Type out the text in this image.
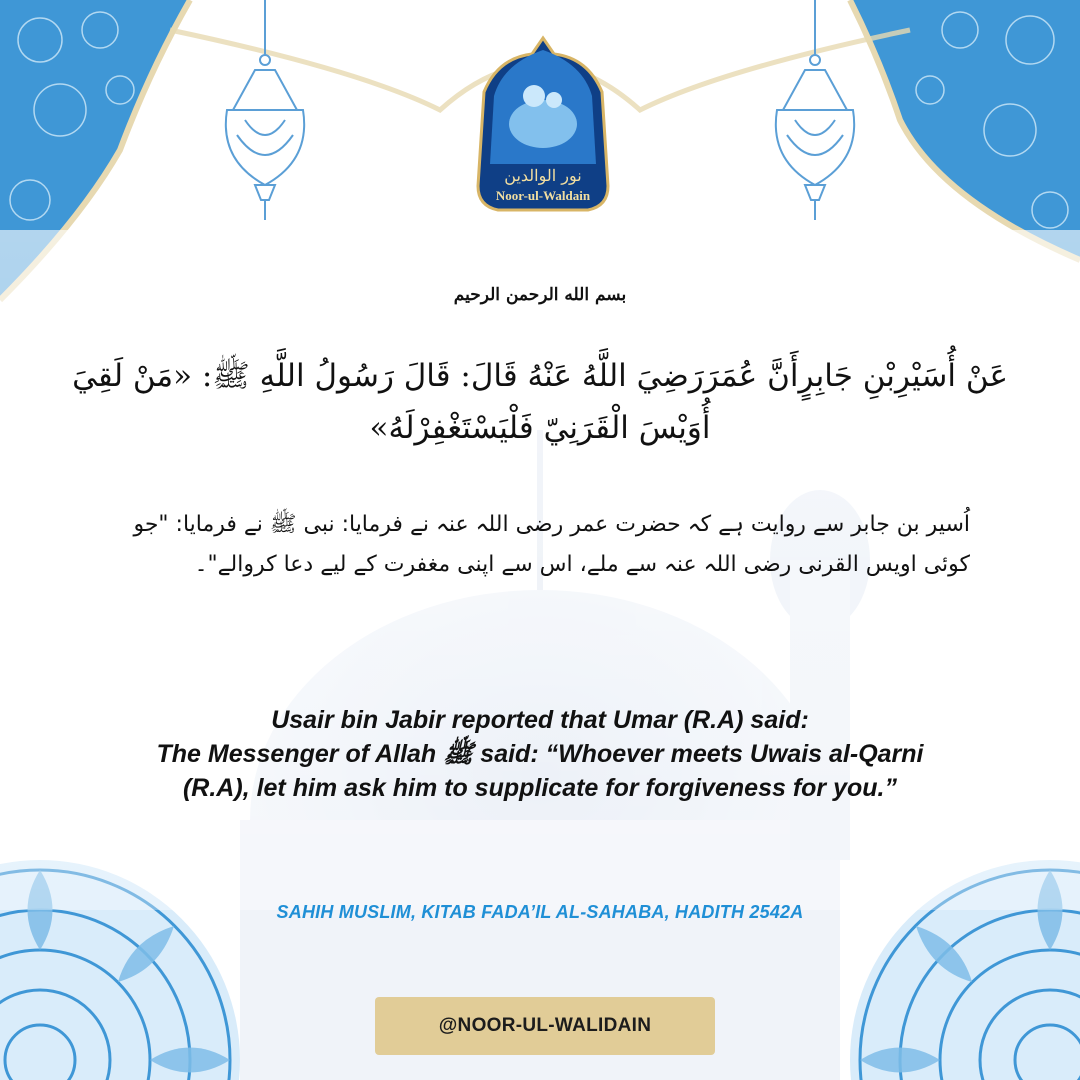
نور الوالدين
Noor-ul-Waldain
بسم الله الرحمن الرحيم
عَنْ أُسَيْرِبْنِ جَابِرٍأَنَّ عُمَرَرَضِيَ اللَّهُ عَنْهُ قَالَ: قَالَ رَسُولُ اللَّهِ ﷺ: «مَنْ لَقِيَ أُوَيْسَ الْقَرَنِيّ فَلْيَسْتَغْفِرْلَهُ»
اُسیر بن جابر سے روایت ہے کہ حضرت عمر رضی اللہ عنہ نے فرمایا: نبی ﷺ نے فرمایا: "جو کوئی اویس القرنی رضی اللہ عنہ سے ملے، اس سے اپنی مغفرت کے لیے دعا کروالے"۔
Usair bin Jabir reported that Umar (R.A) said:
The Messenger of Allah ﷺ said: “Whoever meets Uwais al-Qarni
(R.A), let him ask him to supplicate for forgiveness for you.”
SAHIH MUSLIM, KITAB FADA’IL AL-SAHABA, HADITH 2542A
@NOOR-UL-WALIDAIN
